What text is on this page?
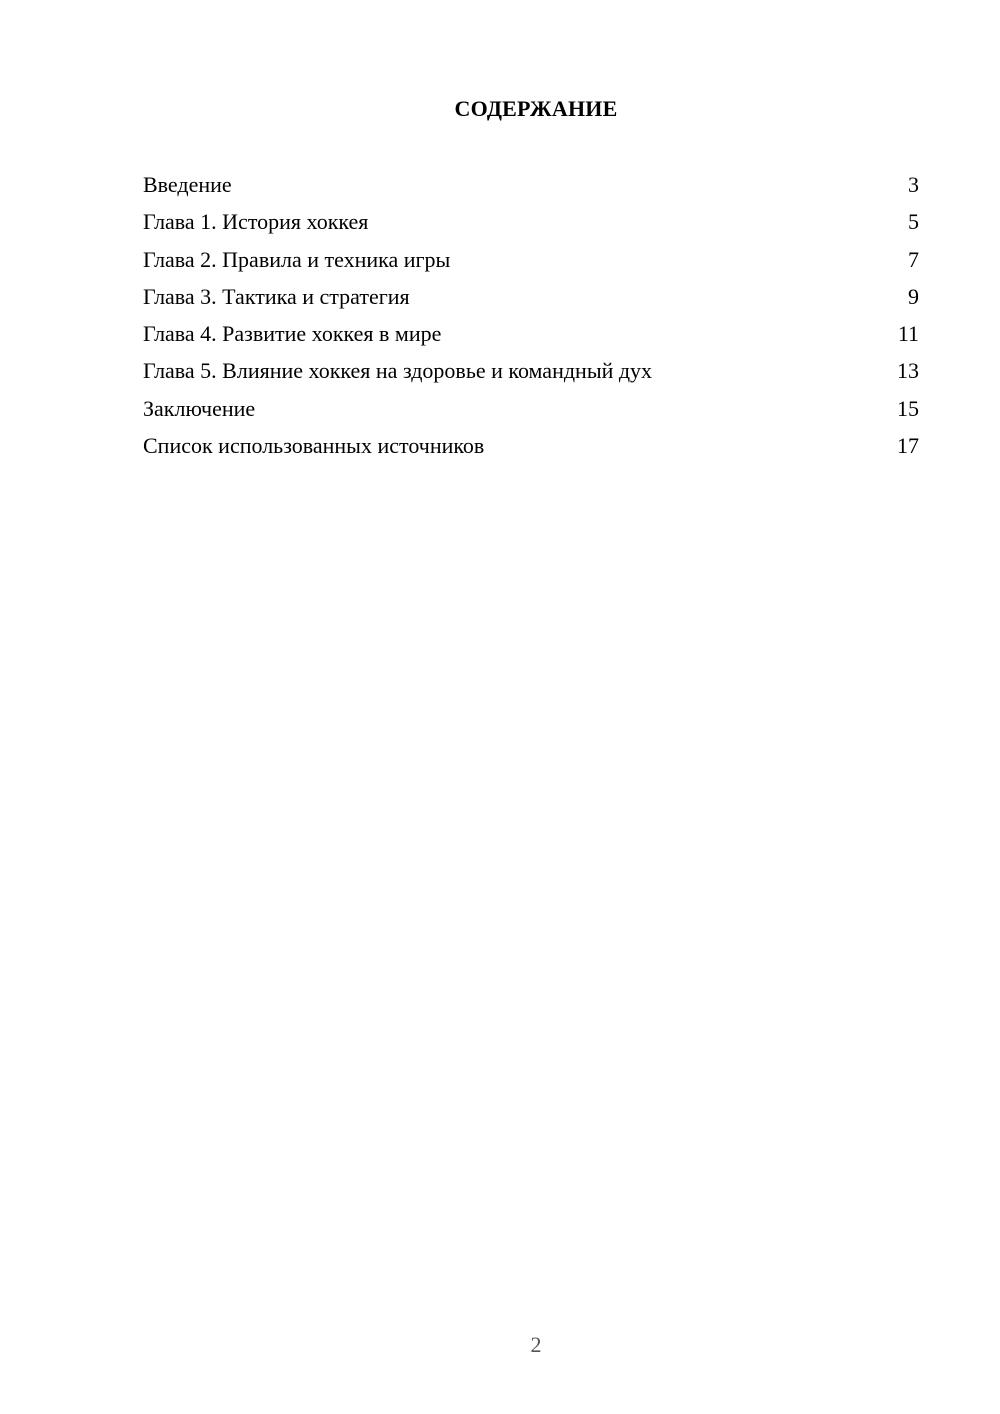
СОДЕРЖАНИЕ
Введение	3
Глава 1. История хоккея	5
Глава 2. Правила и техника игры	7
Глава 3. Тактика и стратегия	9
Глава 4. Развитие хоккея в мире	11
Глава 5. Влияние хоккея на здоровье и командный дух	13
Заключение	15
Список использованных источников	17
2
